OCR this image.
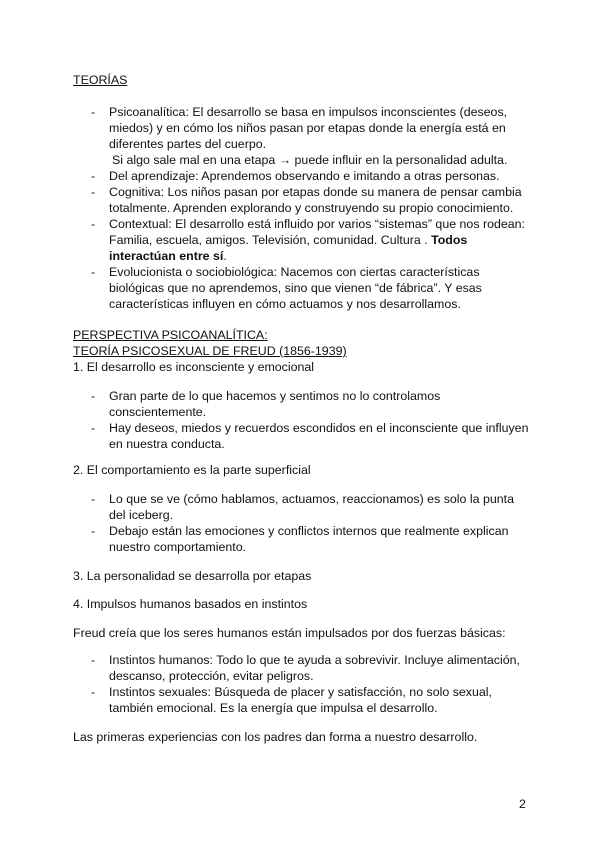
TEORÍAS
- Psicoanalítica: El desarrollo se basa en impulsos inconscientes (deseos, miedos) y en cómo los niños pasan por etapas donde la energía está en diferentes partes del cuerpo.
Si algo sale mal en una etapa → puede influir en la personalidad adulta.
- Del aprendizaje: Aprendemos observando e imitando a otras personas.
- Cognitiva: Los niños pasan por etapas donde su manera de pensar cambia totalmente. Aprenden explorando y construyendo su propio conocimiento.
- Contextual: El desarrollo está influido por varios “sistemas” que nos rodean: Familia, escuela, amigos. Televisión, comunidad. Cultura . Todos interactúan entre sí.
- Evolucionista o sociobiológica: Nacemos con ciertas características biológicas que no aprendemos, sino que vienen “de fábrica”. Y esas características influyen en cómo actuamos y nos desarrollamos.
PERSPECTIVA PSICOANALÍTICA:
TEORÍA PSICOSEXUAL DE FREUD (1856-1939)
1. El desarrollo es inconsciente y emocional
- Gran parte de lo que hacemos y sentimos no lo controlamos conscientemente.
- Hay deseos, miedos y recuerdos escondidos en el inconsciente que influyen en nuestra conducta.
2. El comportamiento es la parte superficial
- Lo que se ve (cómo hablamos, actuamos, reaccionamos) es solo la punta del iceberg.
- Debajo están las emociones y conflictos internos que realmente explican nuestro comportamiento.
3. La personalidad se desarrolla por etapas
4. Impulsos humanos basados en instintos
Freud creía que los seres humanos están impulsados por dos fuerzas básicas:
- Instintos humanos: Todo lo que te ayuda a sobrevivir. Incluye alimentación, descanso, protección, evitar peligros.
- Instintos sexuales: Búsqueda de placer y satisfacción, no solo sexual, también emocional. Es la energía que impulsa el desarrollo.
Las primeras experiencias con los padres dan forma a nuestro desarrollo.
2
